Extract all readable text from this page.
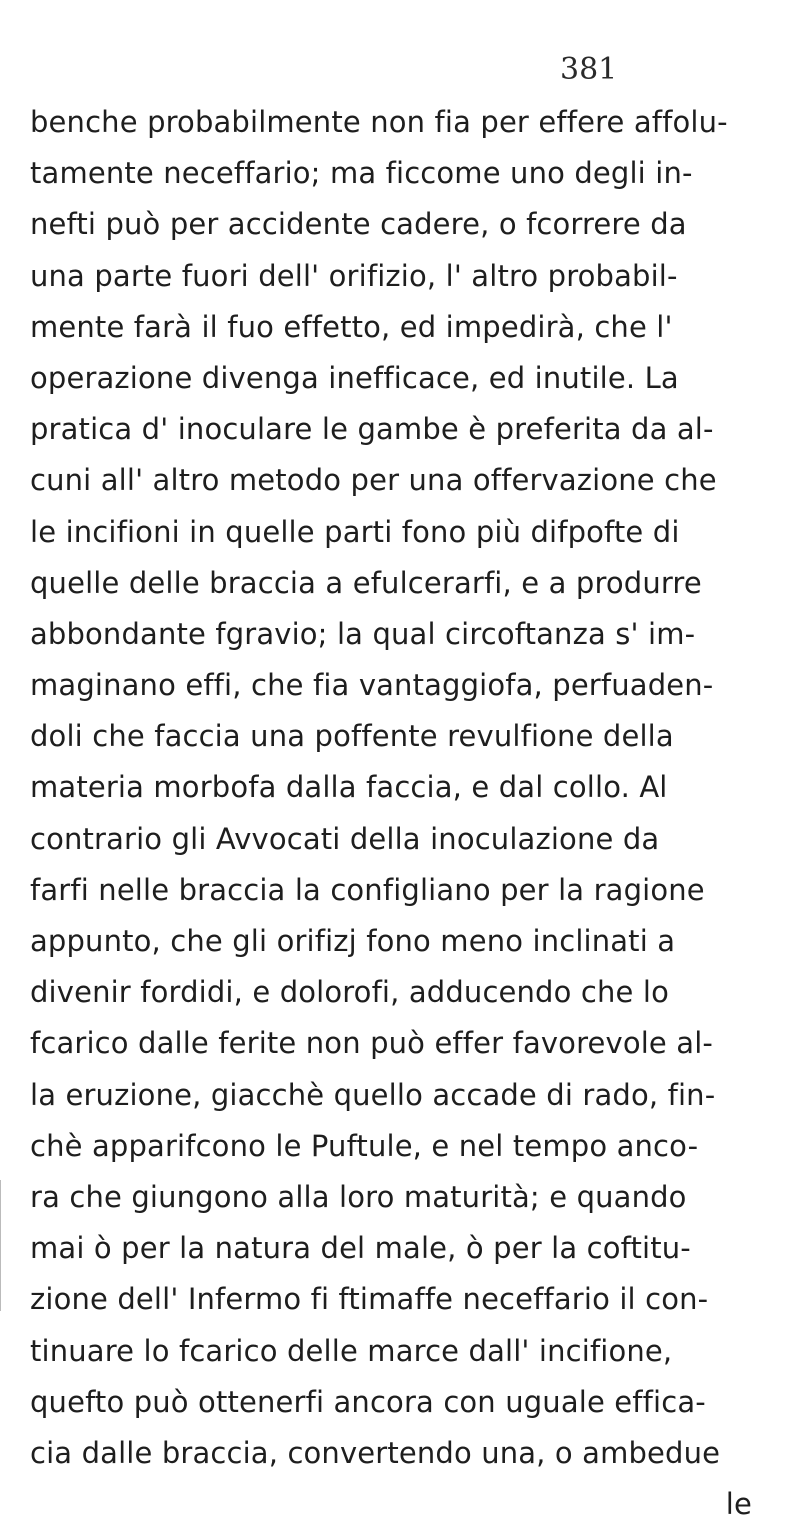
381
benche probabilmente non fia per effere affolu-
tamente neceffario; ma ficcome uno degli in-
nefti può per accidente cadere, o fcorrere da
una parte fuori dell' orifizio, l' altro probabil-
mente farà il fuo effetto, ed impedirà, che l'
operazione divenga inefficace, ed inutile. La
pratica d' inoculare le gambe è preferita da al-
cuni all' altro metodo per una offervazione che
le incifioni in quelle parti fono più difpofte di
quelle delle braccia a efulcerarfi, e a produrre
abbondante fgravio; la qual circoftanza s' im-
maginano effi, che fia vantaggiofa, perfuaden-
doli che faccia una poffente revulfione della
materia morbofa dalla faccia, e dal collo. Al
contrario gli Avvocati della inoculazione da
farfi nelle braccia la configliano per la ragione
appunto, che gli orifizj fono meno inclinati a
divenir fordidi, e dolorofi, adducendo che lo
fcarico dalle ferite non può effer favorevole al-
la eruzione, giacchè quello accade di rado, fin-
chè apparifcono le Puftule, e nel tempo anco-
ra che giungono alla loro maturità; e quando
mai ò per la natura del male, ò per la coftitu-
zione dell' Infermo fi ftimaffe neceffario il con-
tinuare lo fcarico delle marce dall' incifione,
quefto può ottenerfi ancora con uguale effica-
cia dalle braccia, convertendo una, o ambedue
le
